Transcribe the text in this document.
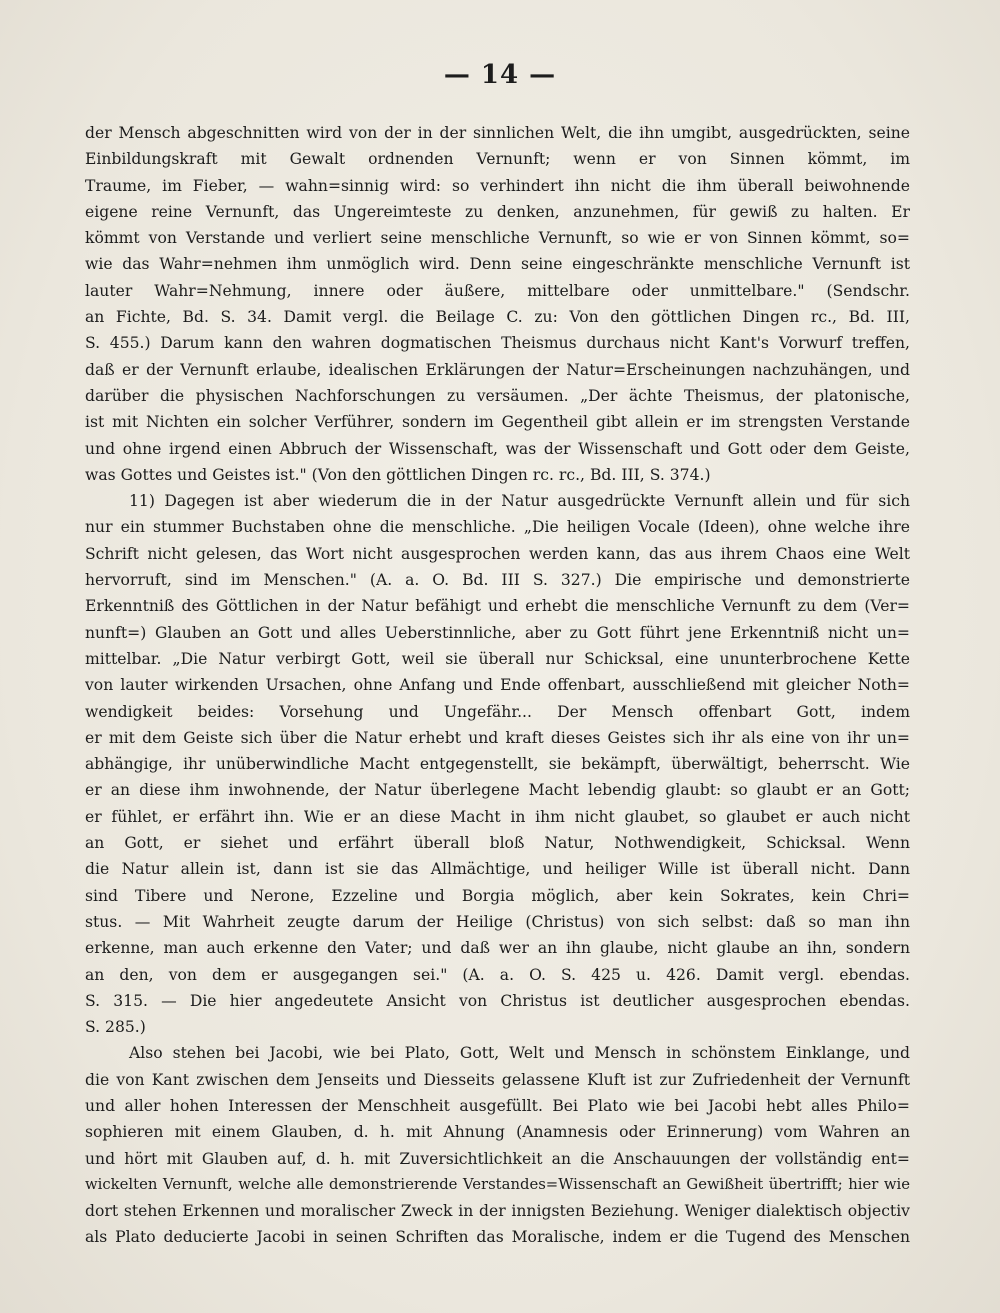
— 14 —
der Mensch abgeschnitten wird von der in der sinnlichen Welt, die ihn umgibt, ausgedrückten, seine
Einbildungskraft mit Gewalt ordnenden Vernunft; wenn er von Sinnen kömmt, im
Traume, im Fieber, — wahn=sinnig wird: so verhindert ihn nicht die ihm überall beiwohnende
eigene reine Vernunft, das Ungereimteste zu denken, anzunehmen, für gewiß zu halten. Er
kömmt von Verstande und verliert seine menschliche Vernunft, so wie er von Sinnen kömmt, so=
wie das Wahr=nehmen ihm unmöglich wird. Denn seine eingeschränkte menschliche Vernunft ist
lauter Wahr=Nehmung, innere oder äußere, mittelbare oder unmittelbare." (Sendschr.
an Fichte, Bd. S. 34. Damit vergl. die Beilage C. zu: Von den göttlichen Dingen rc., Bd. III,
S. 455.) Darum kann den wahren dogmatischen Theismus durchaus nicht Kant's Vorwurf treffen,
daß er der Vernunft erlaube, idealischen Erklärungen der Natur=Erscheinungen nachzuhängen, und
darüber die physischen Nachforschungen zu versäumen. „Der ächte Theismus, der platonische,
ist mit Nichten ein solcher Verführer, sondern im Gegentheil gibt allein er im strengsten Verstande
und ohne irgend einen Abbruch der Wissenschaft, was der Wissenschaft und Gott oder dem Geiste,
was Gottes und Geistes ist." (Von den göttlichen Dingen rc. rc., Bd. III, S. 374.)
11) Dagegen ist aber wiederum die in der Natur ausgedrückte Vernunft allein und für sich
nur ein stummer Buchstaben ohne die menschliche. „Die heiligen Vocale (Ideen), ohne welche ihre
Schrift nicht gelesen, das Wort nicht ausgesprochen werden kann, das aus ihrem Chaos eine Welt
hervorruft, sind im Menschen." (A. a. O. Bd. III S. 327.) Die empirische und demonstrierte
Erkenntniß des Göttlichen in der Natur befähigt und erhebt die menschliche Vernunft zu dem (Ver=
nunft=) Glauben an Gott und alles Ueberstinnliche, aber zu Gott führt jene Erkenntniß nicht un=
mittelbar. „Die Natur verbirgt Gott, weil sie überall nur Schicksal, eine ununterbrochene Kette
von lauter wirkenden Ursachen, ohne Anfang und Ende offenbart, ausschließend mit gleicher Noth=
wendigkeit beides: Vorsehung und Ungefähr... Der Mensch offenbart Gott, indem
er mit dem Geiste sich über die Natur erhebt und kraft dieses Geistes sich ihr als eine von ihr un=
abhängige, ihr unüberwindliche Macht entgegenstellt, sie bekämpft, überwältigt, beherrscht. Wie
er an diese ihm inwohnende, der Natur überlegene Macht lebendig glaubt: so glaubt er an Gott;
er fühlet, er erfährt ihn. Wie er an diese Macht in ihm nicht glaubet, so glaubet er auch nicht
an Gott, er siehet und erfährt überall bloß Natur, Nothwendigkeit, Schicksal. Wenn
die Natur allein ist, dann ist sie das Allmächtige, und heiliger Wille ist überall nicht. Dann
sind Tibere und Nerone, Ezzeline und Borgia möglich, aber kein Sokrates, kein Chri=
stus. — Mit Wahrheit zeugte darum der Heilige (Christus) von sich selbst: daß so man ihn
erkenne, man auch erkenne den Vater; und daß wer an ihn glaube, nicht glaube an ihn, sondern
an den, von dem er ausgegangen sei." (A. a. O. S. 425 u. 426. Damit vergl. ebendas.
S. 315. — Die hier angedeutete Ansicht von Christus ist deutlicher ausgesprochen ebendas.
S. 285.)
Also stehen bei Jacobi, wie bei Plato, Gott, Welt und Mensch in schönstem Einklange, und
die von Kant zwischen dem Jenseits und Diesseits gelassene Kluft ist zur Zufriedenheit der Vernunft
und aller hohen Interessen der Menschheit ausgefüllt. Bei Plato wie bei Jacobi hebt alles Philo=
sophieren mit einem Glauben, d. h. mit Ahnung (Anamnesis oder Erinnerung) vom Wahren an
und hört mit Glauben auf, d. h. mit Zuversichtlichkeit an die Anschauungen der vollständig ent=
wickelten Vernunft, welche alle demonstrierende Verstandes=Wissenschaft an Gewißheit übertrifft; hier wie
dort stehen Erkennen und moralischer Zweck in der innigsten Beziehung. Weniger dialektisch objectiv
als Plato deducierte Jacobi in seinen Schriften das Moralische, indem er die Tugend des Menschen
